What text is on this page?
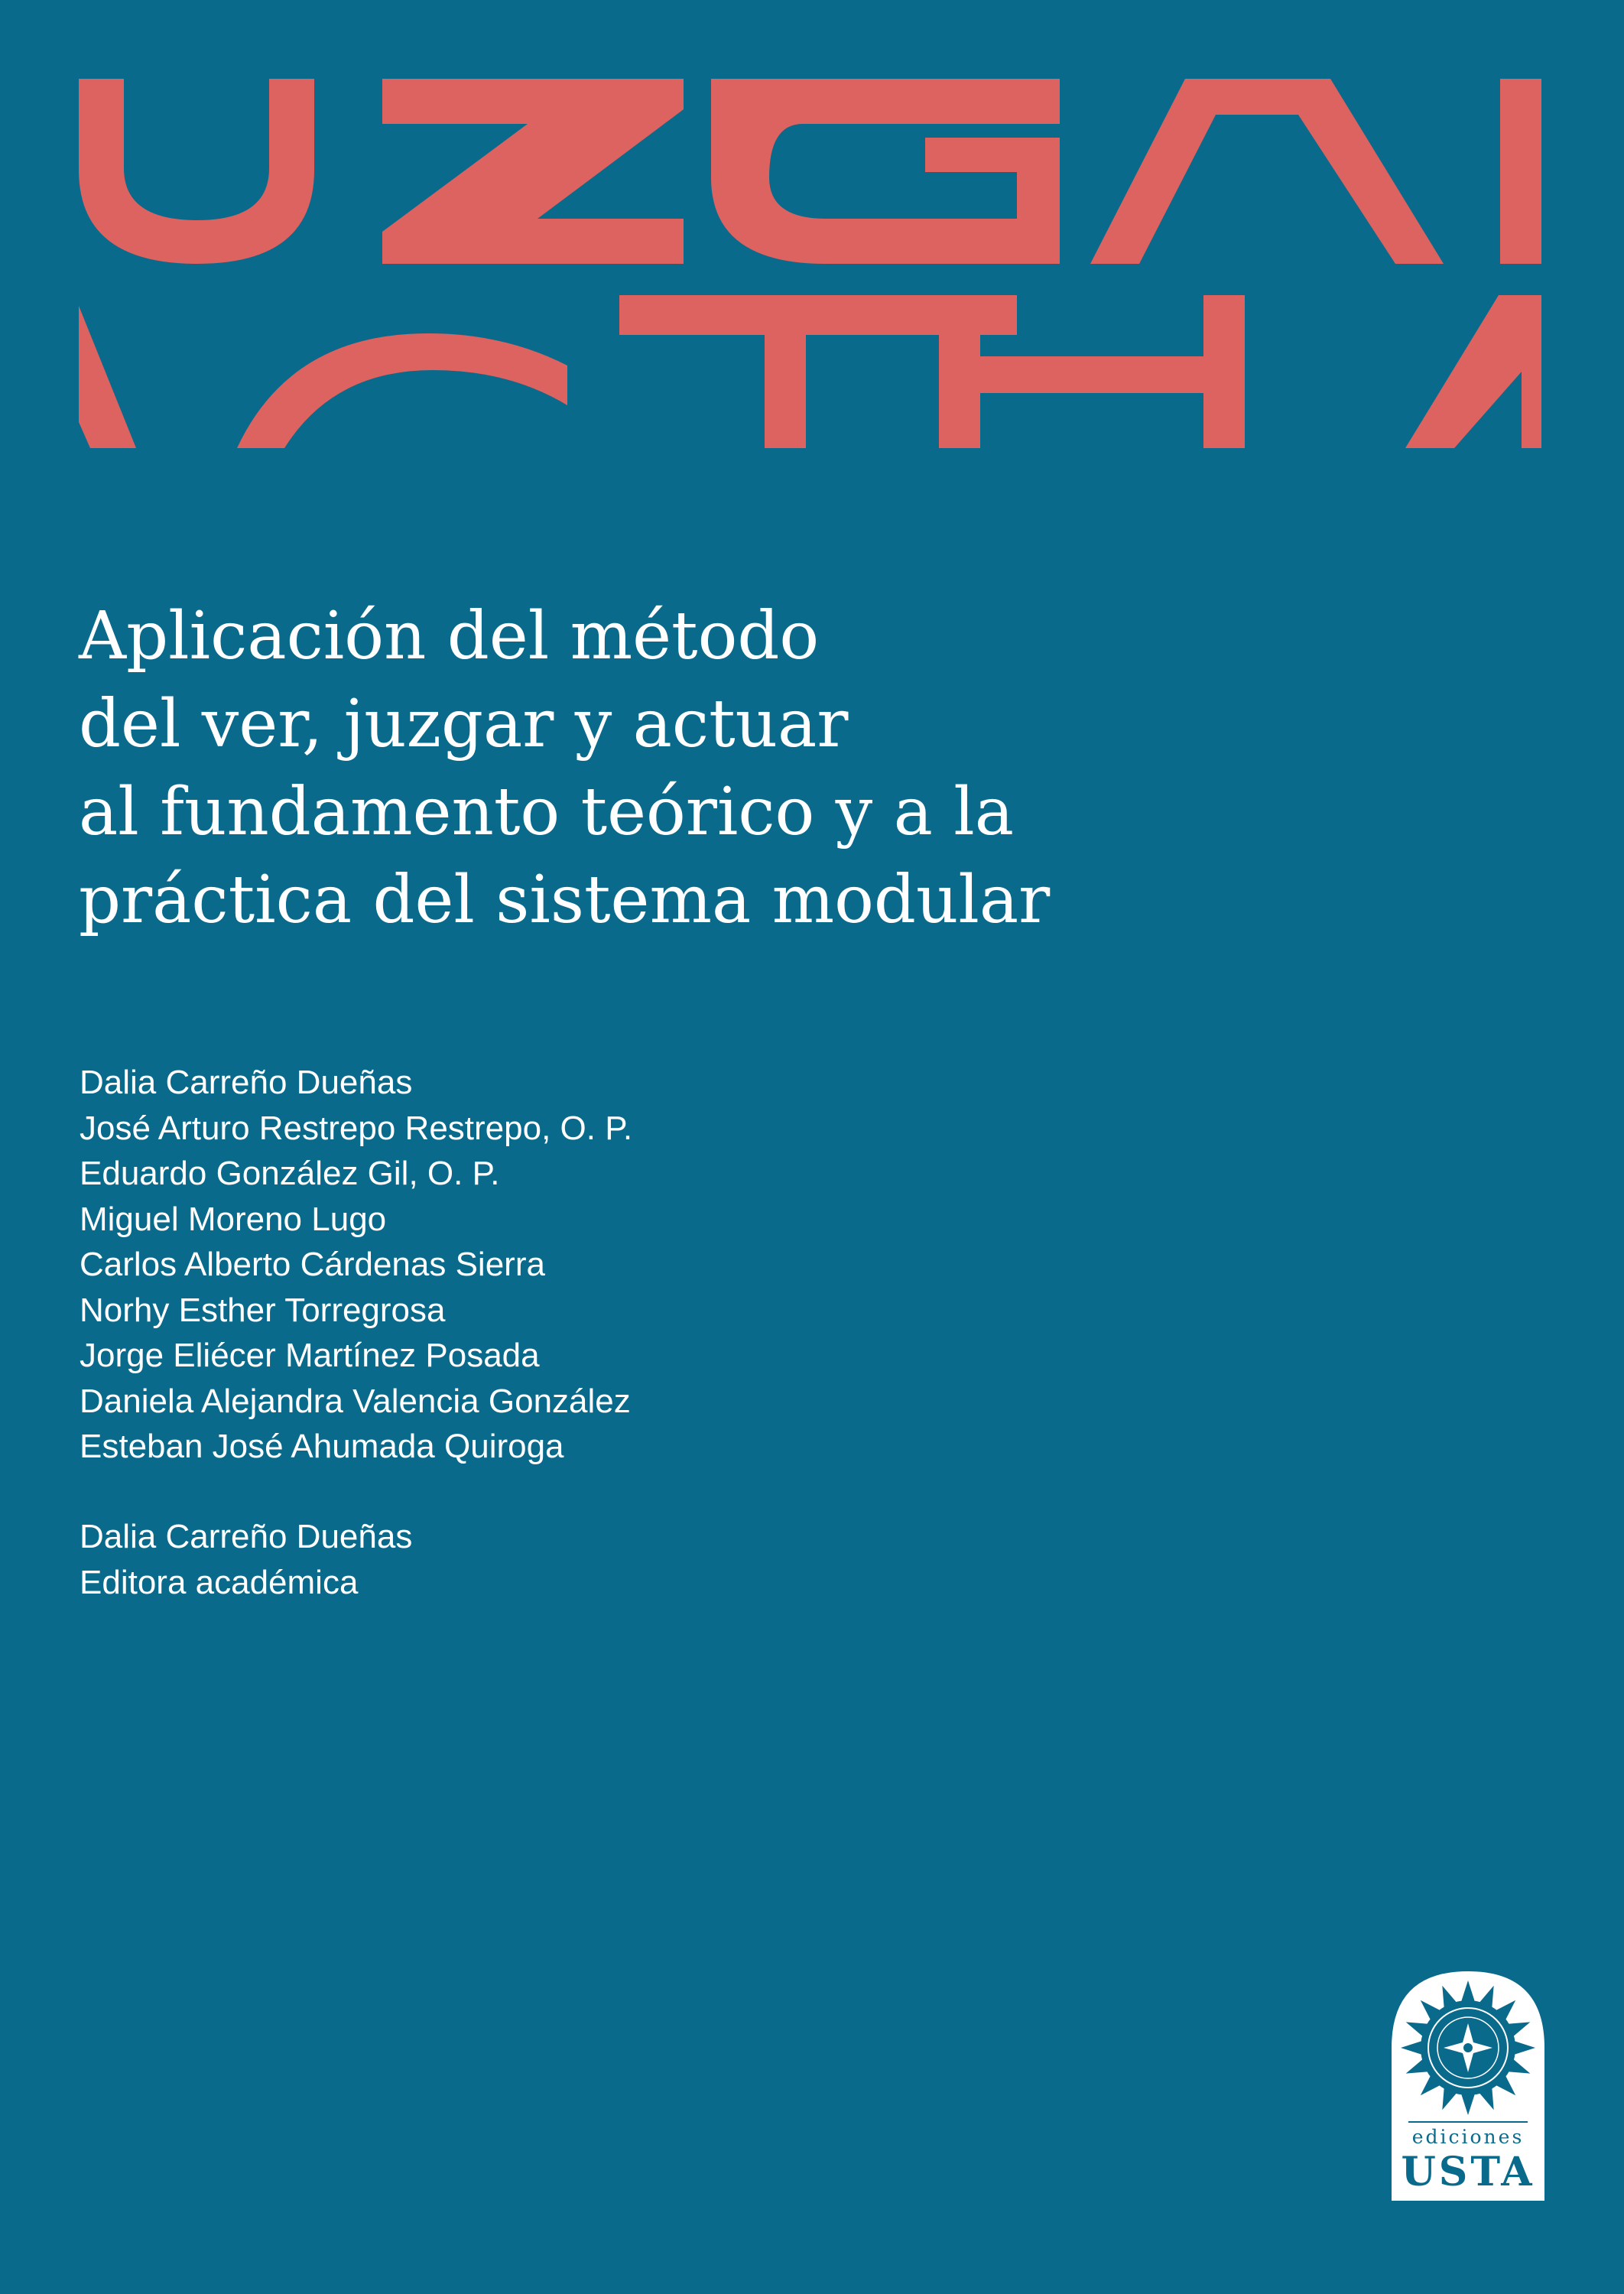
Aplicación del método
del ver, juzgar y actuar
al fundamento teórico y a la
práctica del sistema modular
Dalia Carreño Dueñas
José Arturo Restrepo Restrepo, O. P.
Eduardo González Gil, O. P.
Miguel Moreno Lugo
Carlos Alberto Cárdenas Sierra
Norhy Esther Torregrosa
Jorge Eliécer Martínez Posada
Daniela Alejandra Valencia González
Esteban José Ahumada Quiroga
Dalia Carreño Dueñas
Editora académica
ediciones
USTA
